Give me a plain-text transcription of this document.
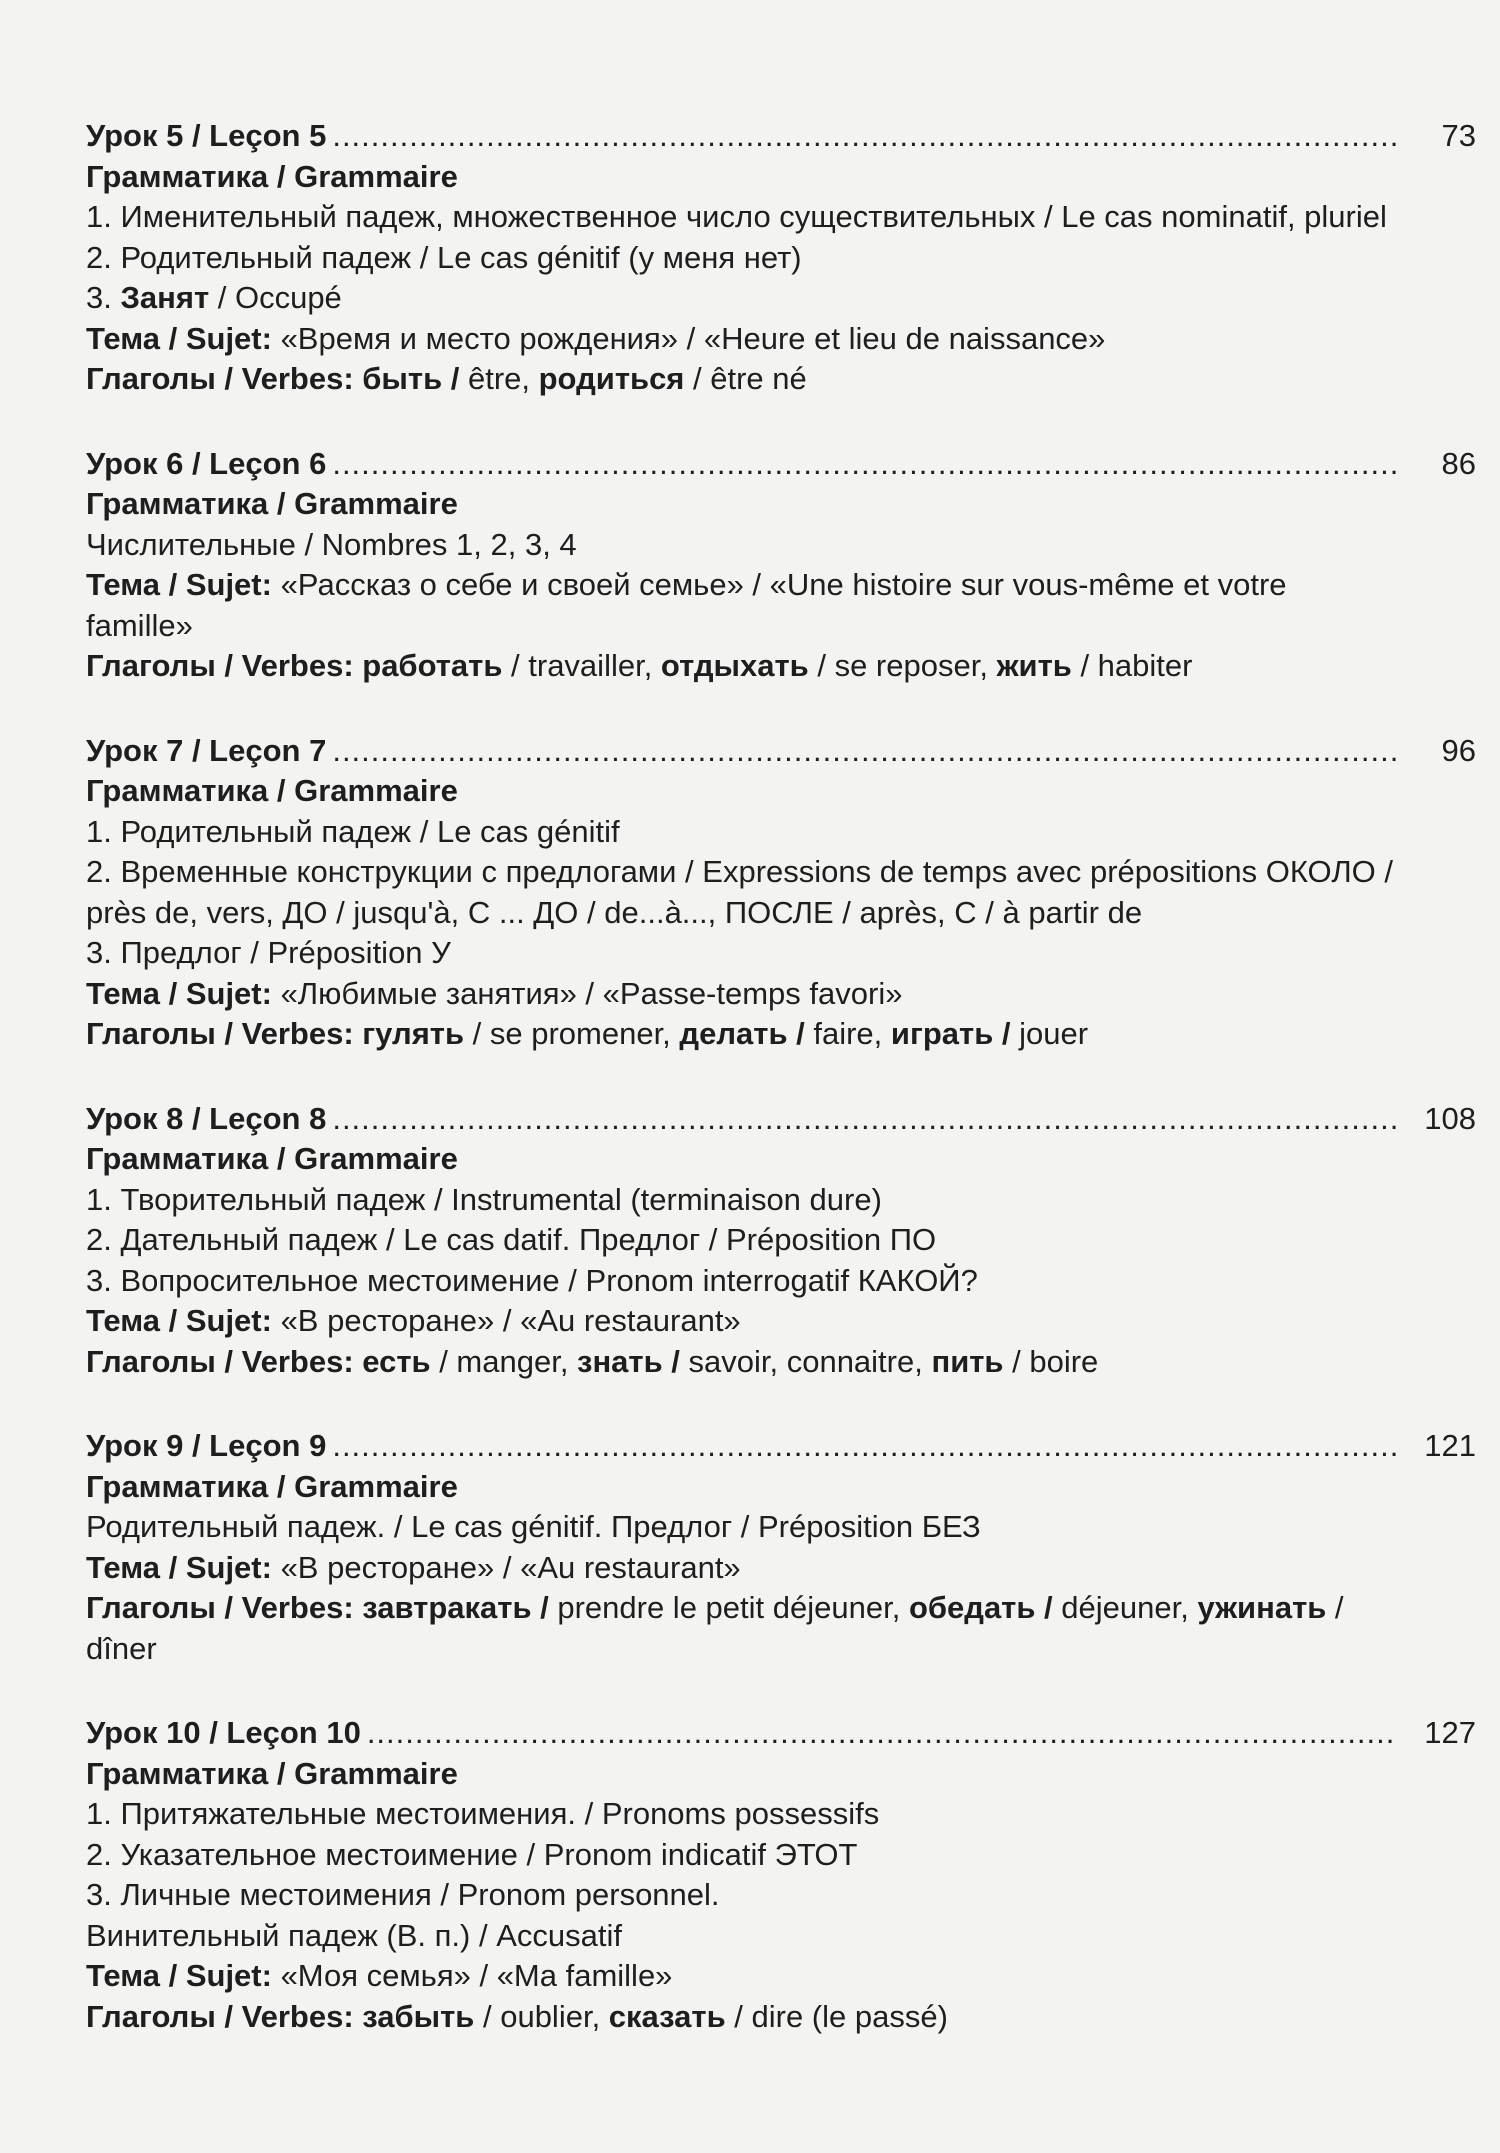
Урок 5 / Leçon 5 .....	73
Грамматика / Grammaire
1. Именительный падеж, множественное число существительных / Le cas nominatif, pluriel
2. Родительный падеж / Le cas génitif (у меня нет)
3. Занят / Occupé
Тема / Sujet: «Время и место рождения» / «Heure et lieu de naissance»
Глаголы / Verbes: быть / être, родиться / être né
Урок 6 / Leçon 6 .....	86
Грамматика / Grammaire
Числительные / Nombres 1, 2, 3, 4
Тема / Sujet: «Рассказ о себе и своей семье» / «Une histoire sur vous-même et votre famille»
Глаголы / Verbes: работать / travailler, отдыхать / se reposer, жить / habiter
Урок 7 / Leçon 7 .....	96
Грамматика / Grammaire
1. Родительный падеж / Le cas génitif
2. Временные конструкции с предлогами / Expressions de temps avec prépositions ОКОЛО / près de, vers, ДО / jusqu'à, С ... ДО / de...à..., ПОСЛЕ / après, С / à partir de
3. Предлог / Préposition У
Тема / Sujet: «Любимые занятия» / «Passe-temps favori»
Глаголы / Verbes: гулять / se promener, делать / faire, играть / jouer
Урок 8 / Leçon 8 .....	108
Грамматика / Grammaire
1. Творительный падеж / Instrumental (terminaison dure)
2. Дательный падеж / Le cas datif. Предлог / Préposition ПО
3. Вопросительное местоимение / Pronom interrogatif КАКОЙ?
Тема / Sujet: «В ресторане» / «Au restaurant»
Глаголы / Verbes: есть / manger, знать / savoir, connaitre, пить / boire
Урок 9 / Leçon 9 .....	121
Грамматика / Grammaire
Родительный падеж. / Le cas génitif. Предлог / Préposition БЕЗ
Тема / Sujet: «В ресторане» / «Au restaurant»
Глаголы / Verbes: завтракать / prendre le petit déjeuner, обедать / déjeuner, ужинать / dîner
Урок 10 / Leçon 10 .....	127
Грамматика / Grammaire
1. Притяжательные местоимения. / Pronoms possessifs
2. Указательное местоимение / Pronom indicatif ЭТОТ
3. Личные местоимения / Pronom personnel.
Винительный падеж (В. п.) / Accusatif
Тема / Sujet: «Моя семья» / «Ma famille»
Глаголы / Verbes: забыть / oublier, сказать / dire (le passé)
